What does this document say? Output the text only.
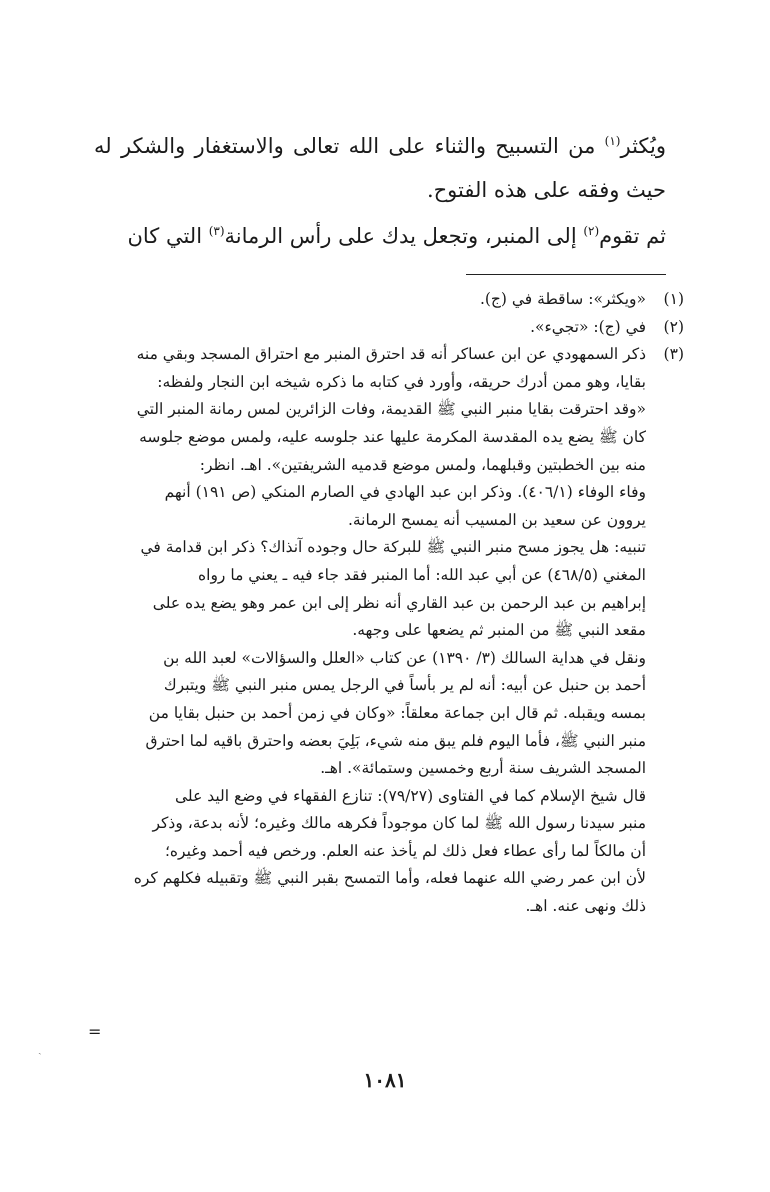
ويُكثر$^{(١)}$ من التسبيح والثناء على الله تعالى والاستغفار والشكر له حيث وفقه على هذه الفتوح.

ثم تقوم$^{(٢)}$ إلى المنبر، وتجعل يدك على رأس الرمانة$^{(٣)}$ التي كان

(١)
«ويكثر»: ساقطة في (ج).
(٢)
في (ج): «تجيء».
(٣)
ذكر السمهودي عن ابن عساكر أنه قد احترق المنبر مع احتراق المسجد وبقي منه
بقايا، وهو ممن أدرك حريقه، وأورد في كتابه ما ذكره شيخه ابن النجار ولفظه:
«وقد احترقت بقايا منبر النبي ﷺ القديمة، وفات الزائرين لمس رمانة المنبر التي
كان ﷺ يضع يده المقدسة المكرمة عليها عند جلوسه عليه، ولمس موضع جلوسه
منه بين الخطبتين وقبلهما، ولمس موضع قدميه الشريفتين». اهـ. انظر:
وفاء الوفاء (٤٠٦/١). وذكر ابن عبد الهادي في الصارم المنكي (ص ١٩١) أنهم
يروون عن سعيد بن المسيب أنه يمسح الرمانة.
تنبيه: هل يجوز مسح منبر النبي ﷺ للبركة حال وجوده آنذاك؟ ذكر ابن قدامة في
المغني (٤٦٨/٥) عن أبي عبد الله: أما المنبر فقد جاء فيه ـ يعني ما رواه
إبراهيم بن عبد الرحمن بن عبد القاري أنه نظر إلى ابن عمر وهو يضع يده على
مقعد النبي ﷺ من المنبر ثم يضعها على وجهه.
ونقل في هداية السالك (٣/ ١٣٩٠) عن كتاب «العلل والسؤالات» لعبد الله بن
أحمد بن حنبل عن أبيه: أنه لم ير بأساً في الرجل يمس منبر النبي ﷺ ويتبرك
بمسه ويقبله. ثم قال ابن جماعة معلقاً: «وكان في زمن أحمد بن حنبل بقايا من
منبر النبي ﷺ، فأما اليوم فلم يبق منه شيء، بَلِيَ بعضه واحترق باقيه لما احترق
المسجد الشريف سنة أربع وخمسين وستمائة». اهـ.
قال شيخ الإسلام كما في الفتاوى (٧٩/٢٧): تنازع الفقهاء في وضع اليد على
منبر سيدنا رسول الله ﷺ لما كان موجوداً فكرهه مالك وغيره؛ لأنه بدعة، وذكر
أن مالكاً لما رأى عطاء فعل ذلك لم يأخذ عنه العلم. ورخص فيه أحمد وغيره؛
لأن ابن عمر رضي الله عنهما فعله، وأما التمسح بقبر النبي ﷺ وتقبيله فكلهم كره
ذلك ونهى عنه. اهـ.
=
ˎ
١٠٨١
